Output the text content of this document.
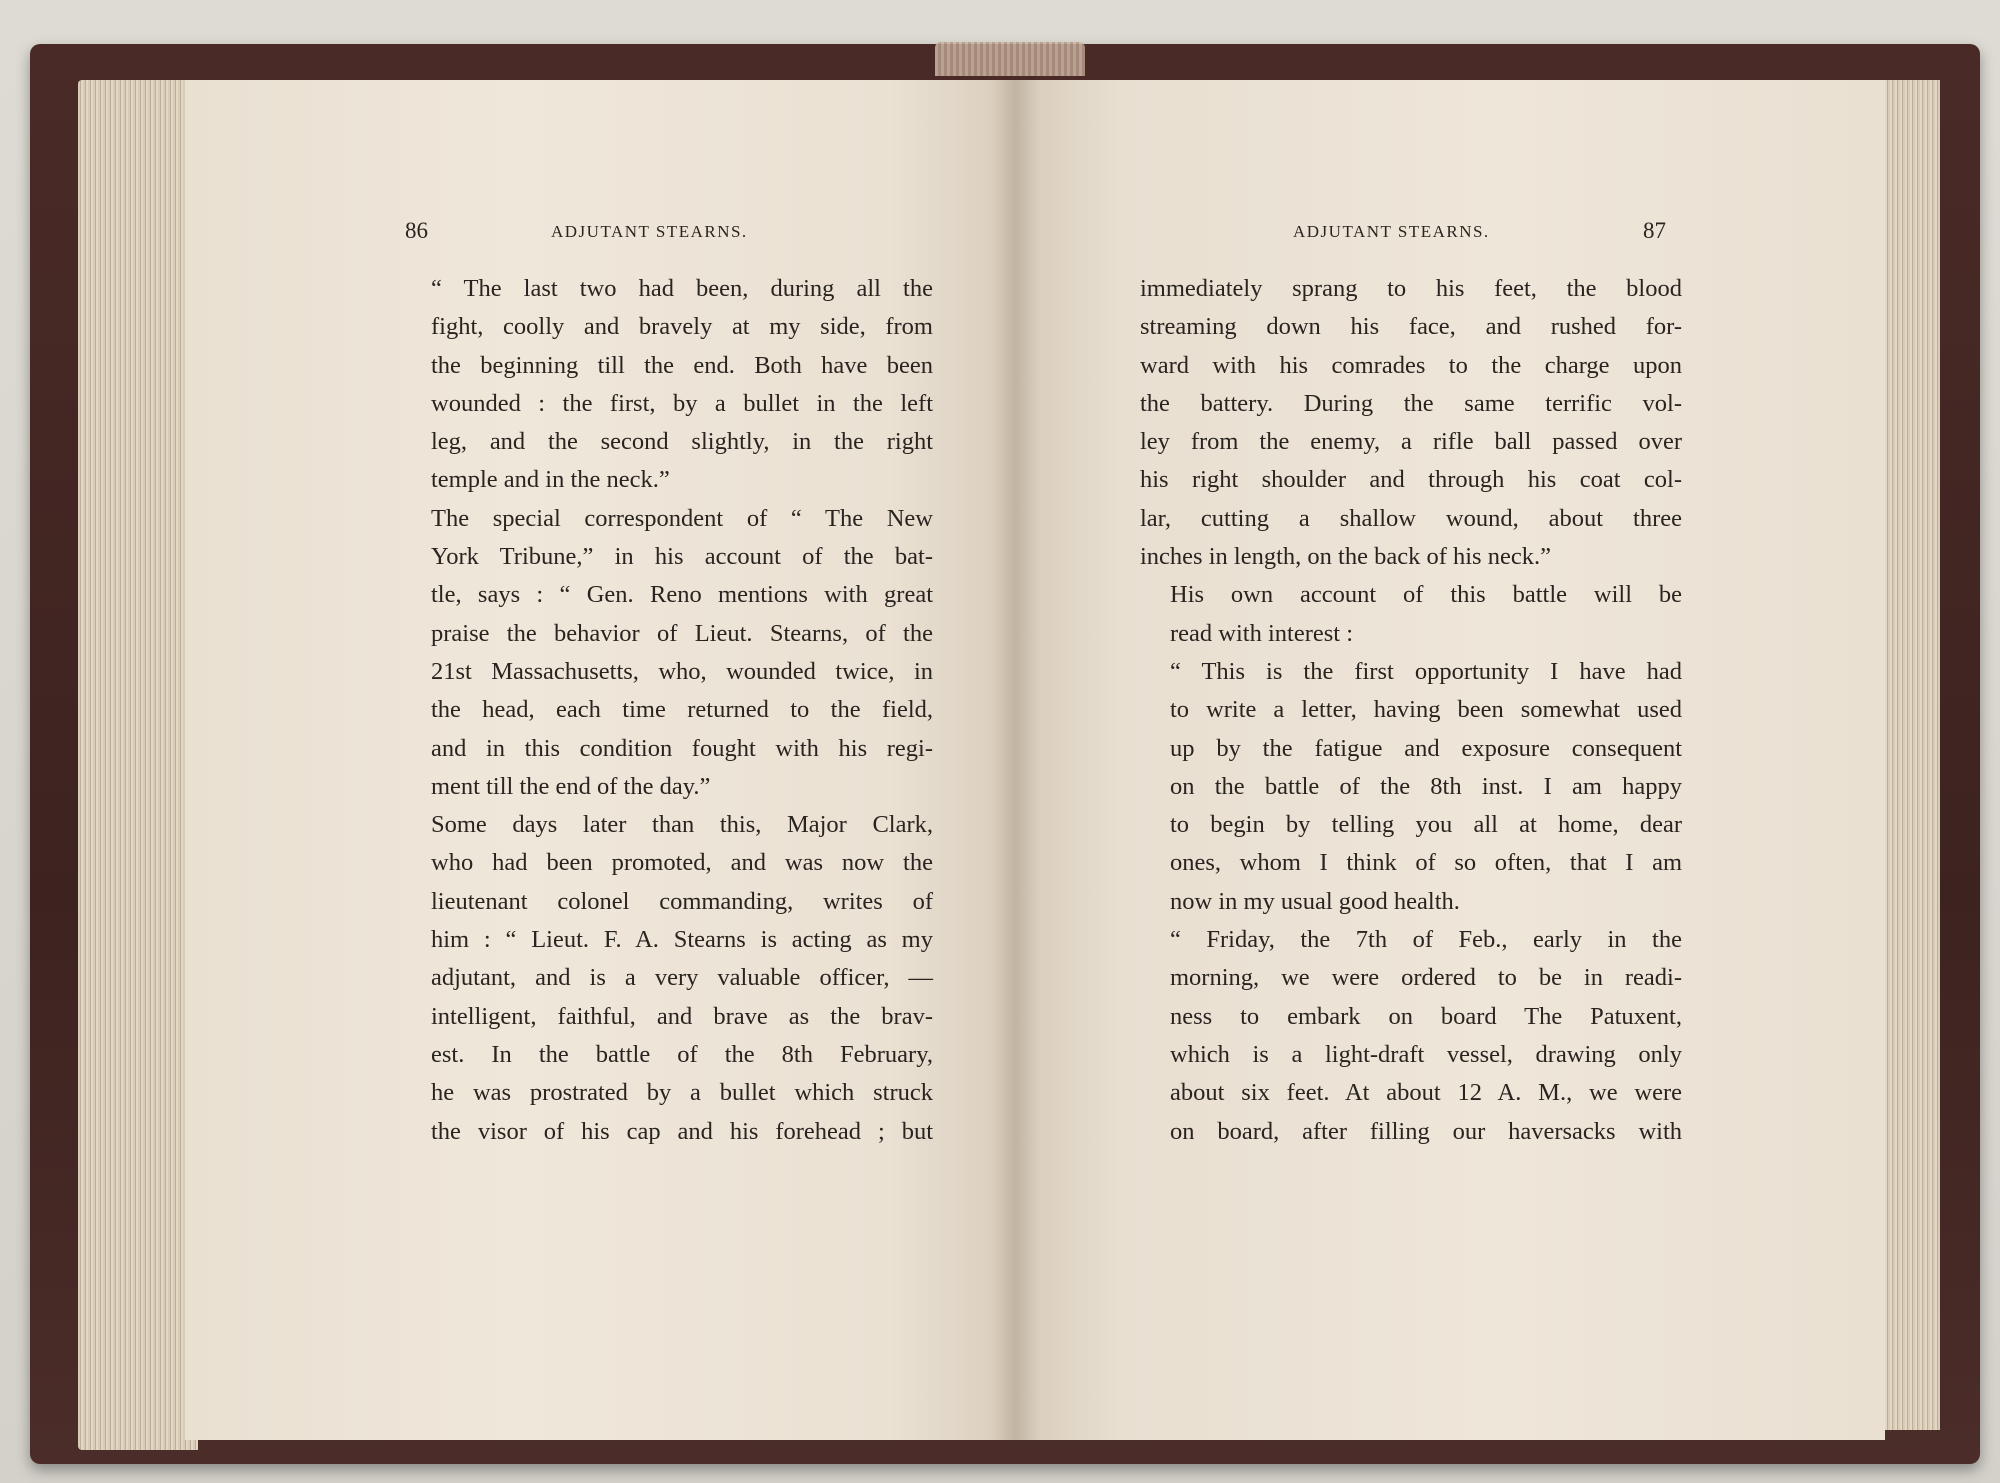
86	ADJUTANT STEARNS.

“ The last two had been, during all the
fight, coolly and bravely at my side, from
the beginning till the end. Both have been
wounded : the first, by a bullet in the left
leg, and the second slightly, in the right
temple and in the neck.”

The special correspondent of “ The New
York Tribune,” in his account of the bat-
tle, says : “ Gen. Reno mentions with great
praise the behavior of Lieut. Stearns, of the
21st Massachusetts, who, wounded twice, in
the head, each time returned to the field,
and in this condition fought with his regi-
ment till the end of the day.”

Some days later than this, Major Clark,
who had been promoted, and was now the
lieutenant colonel commanding, writes of
him : “ Lieut. F. A. Stearns is acting as my
adjutant, and is a very valuable officer, —
intelligent, faithful, and brave as the brav-
est. In the battle of the 8th February,
he was prostrated by a bullet which struck
the visor of his cap and his forehead ; but

ADJUTANT STEARNS.	87

immediately sprang to his feet, the blood
streaming down his face, and rushed for-
ward with his comrades to the charge upon
the battery. During the same terrific vol-
ley from the enemy, a rifle ball passed over
his right shoulder and through his coat col-
lar, cutting a shallow wound, about three
inches in length, on the back of his neck.”

His own account of this battle will be
read with interest :

“ This is the first opportunity I have had
to write a letter, having been somewhat used
up by the fatigue and exposure consequent
on the battle of the 8th inst. I am happy
to begin by telling you all at home, dear
ones, whom I think of so often, that I am
now in my usual good health.

“ Friday, the 7th of Feb., early in the
morning, we were ordered to be in readi-
ness to embark on board The Patuxent,
which is a light-draft vessel, drawing only
about six feet. At about 12 A. M., we were
on board, after filling our haversacks with
